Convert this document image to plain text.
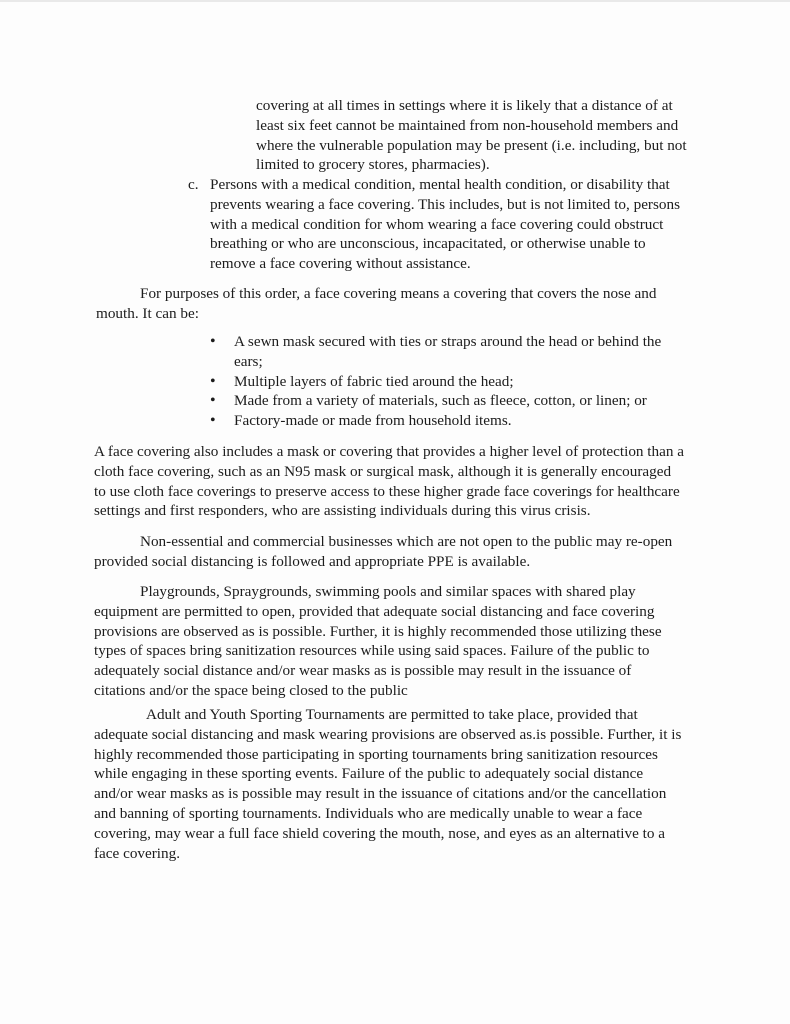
covering at all times in settings where it is likely that a distance of at
least six feet cannot be maintained from non-household members and
where the vulnerable population may be present (i.e. including, but not
limited to grocery stores, pharmacies).
c. Persons with a medical condition, mental health condition, or disability that
prevents wearing a face covering. This includes, but is not limited to, persons
with a medical condition for whom wearing a face covering could obstruct
breathing or who are unconscious, incapacitated, or otherwise unable to
remove a face covering without assistance.
For purposes of this order, a face covering means a covering that covers the nose and
mouth. It can be:
• A sewn mask secured with ties or straps around the head or behind the
ears;
• Multiple layers of fabric tied around the head;
• Made from a variety of materials, such as fleece, cotton, or linen; or
• Factory-made or made from household items.
A face covering also includes a mask or covering that provides a higher level of protection than a
cloth face covering, such as an N95 mask or surgical mask, although it is generally encouraged
to use cloth face coverings to preserve access to these higher grade face coverings for healthcare
settings and first responders, who are assisting individuals during this virus crisis.
Non-essential and commercial businesses which are not open to the public may re-open
provided social distancing is followed and appropriate PPE is available.
Playgrounds, Spraygrounds, swimming pools and similar spaces with shared play
equipment are permitted to open, provided that adequate social distancing and face covering
provisions are observed as is possible. Further, it is highly recommended those utilizing these
types of spaces bring sanitization resources while using said spaces. Failure of the public to
adequately social distance and/or wear masks as is possible may result in the issuance of
citations and/or the space being closed to the public
Adult and Youth Sporting Tournaments are permitted to take place, provided that
adequate social distancing and mask wearing provisions are observed as.is possible. Further, it is
highly recommended those participating in sporting tournaments bring sanitization resources
while engaging in these sporting events. Failure of the public to adequately social distance
and/or wear masks as is possible may result in the issuance of citations and/or the cancellation
and banning of sporting tournaments. Individuals who are medically unable to wear a face
covering, may wear a full face shield covering the mouth, nose, and eyes as an alternative to a
face covering.
